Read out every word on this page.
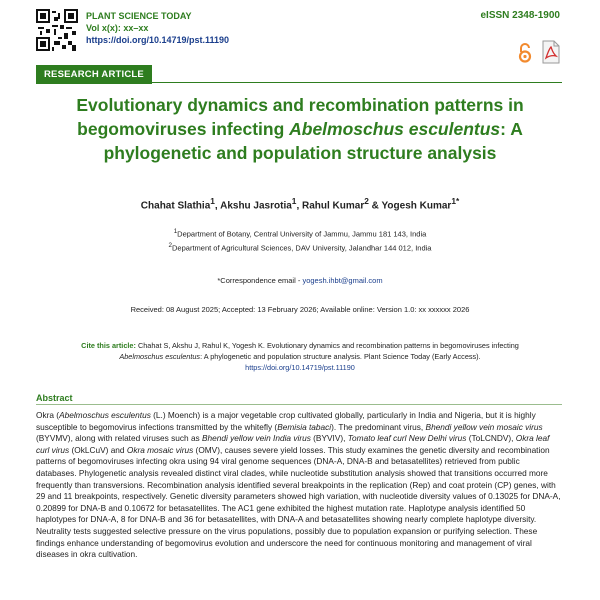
PLANT SCIENCE TODAY
Vol x(x): xx–xx
https://doi.org/10.14719/pst.11190
eISSN 2348-1900
RESEARCH ARTICLE
Evolutionary dynamics and recombination patterns in begomoviruses infecting Abelmoschus esculentus: A phylogenetic and population structure analysis
Chahat Slathia$^1$, Akshu Jasrotia$^1$, Rahul Kumar$^2$ & Yogesh Kumar$^{1*}$
$^1$Department of Botany, Central University of Jammu, Jammu 181 143, India
$^2$Department of Agricultural Sciences, DAV University, Jalandhar 144 012, India
*Correspondence email - yogesh.ihbt@gmail.com
Received: 08 August 2025; Accepted: 13 February 2026; Available online: Version 1.0: xx xxxxxx 2026
Cite this article: Chahat S, Akshu J, Rahul K, Yogesh K. Evolutionary dynamics and recombination patterns in begomoviruses infecting Abelmoschus esculentus: A phylogenetic and population structure analysis. Plant Science Today (Early Access). https://doi.org/10.14719/pst.11190
Abstract
Okra (Abelmoschus esculentus (L.) Moench) is a major vegetable crop cultivated globally, particularly in India and Nigeria, but it is highly susceptible to begomovirus infections transmitted by the whitefly (Bemisia tabaci). The predominant virus, Bhendi yellow vein mosaic virus (BYVMV), along with related viruses such as Bhendi yellow vein India virus (BYVIV), Tomato leaf curl New Delhi virus (ToLCNDV), Okra leaf curl virus (OkLCuV) and Okra mosaic virus (OMV), causes severe yield losses. This study examines the genetic diversity and recombination patterns of begomoviruses infecting okra using 94 viral genome sequences (DNA-A, DNA-B and betasatellites) retrieved from public databases. Phylogenetic analysis revealed distinct viral clades, while nucleotide substitution analysis showed that transitions occurred more frequently than transversions. Recombination analysis identified several breakpoints in the replication (Rep) and coat protein (CP) genes, with 29 and 11 breakpoints, respectively. Genetic diversity parameters showed high variation, with nucleotide diversity values of 0.13025 for DNA-A, 0.20899 for DNA-B and 0.10672 for betasatellites. The AC1 gene exhibited the highest mutation rate. Haplotype analysis identified 50 haplotypes for DNA-A, 8 for DNA-B and 36 for betasatellites, with DNA-A and betasatellites showing nearly complete haplotype diversity. Neutrality tests suggested selective pressure on the virus populations, possibly due to population expansion or purifying selection. These findings enhance understanding of begomovirus evolution and underscore the need for continuous monitoring and management of viral diseases in okra cultivation.
